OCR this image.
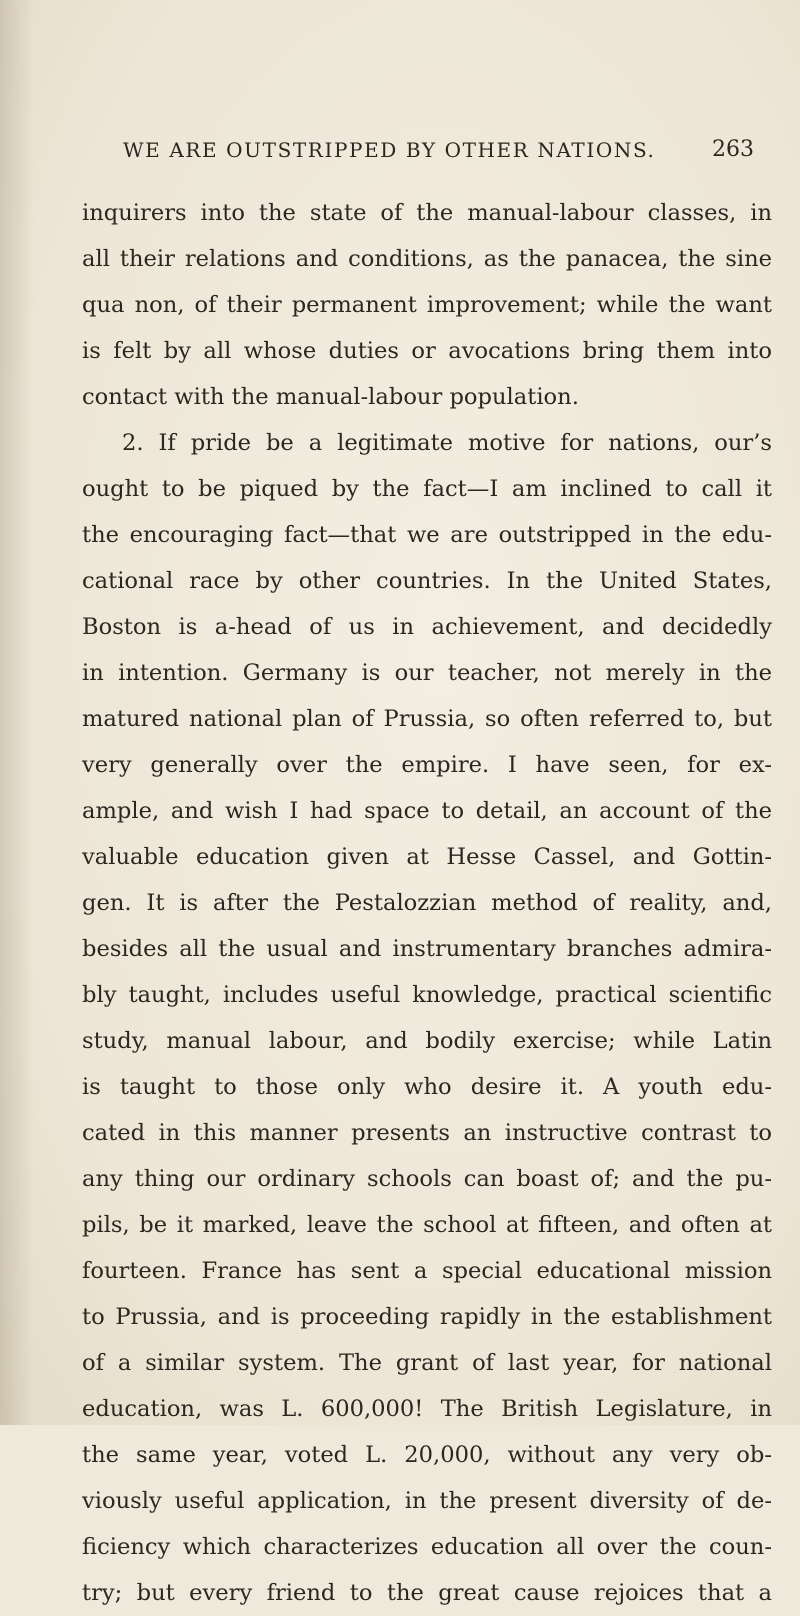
WE ARE OUTSTRIPPED BY OTHER NATIONS.	263
inquirers into the state of the manual-labour classes, in
all their relations and conditions, as the panacea, the sine
qua non, of their permanent improvement; while the want
is felt by all whose duties or avocations bring them into
contact with the manual-labour population.
2. If pride be a legitimate motive for nations, our’s
ought to be piqued by the fact—I am inclined to call it
the encouraging fact—that we are outstripped in the edu-
cational race by other countries. In the United States,
Boston is a-head of us in achievement, and decidedly
in intention. Germany is our teacher, not merely in the
matured national plan of Prussia, so often referred to, but
very generally over the empire. I have seen, for ex-
ample, and wish I had space to detail, an account of the
valuable education given at Hesse Cassel, and Gottin-
gen. It is after the Pestalozzian method of reality, and,
besides all the usual and instrumentary branches admira-
bly taught, includes useful knowledge, practical scientific
study, manual labour, and bodily exercise; while Latin
is taught to those only who desire it. A youth edu-
cated in this manner presents an instructive contrast to
any thing our ordinary schools can boast of; and the pu-
pils, be it marked, leave the school at fifteen, and often at
fourteen. France has sent a special educational mission
to Prussia, and is proceeding rapidly in the establishment
of a similar system. The grant of last year, for national
education, was L. 600,000! The British Legislature, in
the same year, voted L. 20,000, without any very ob-
viously useful application, in the present diversity of de-
ficiency which characterizes education all over the coun-
try; but every friend to the great cause rejoices that a
